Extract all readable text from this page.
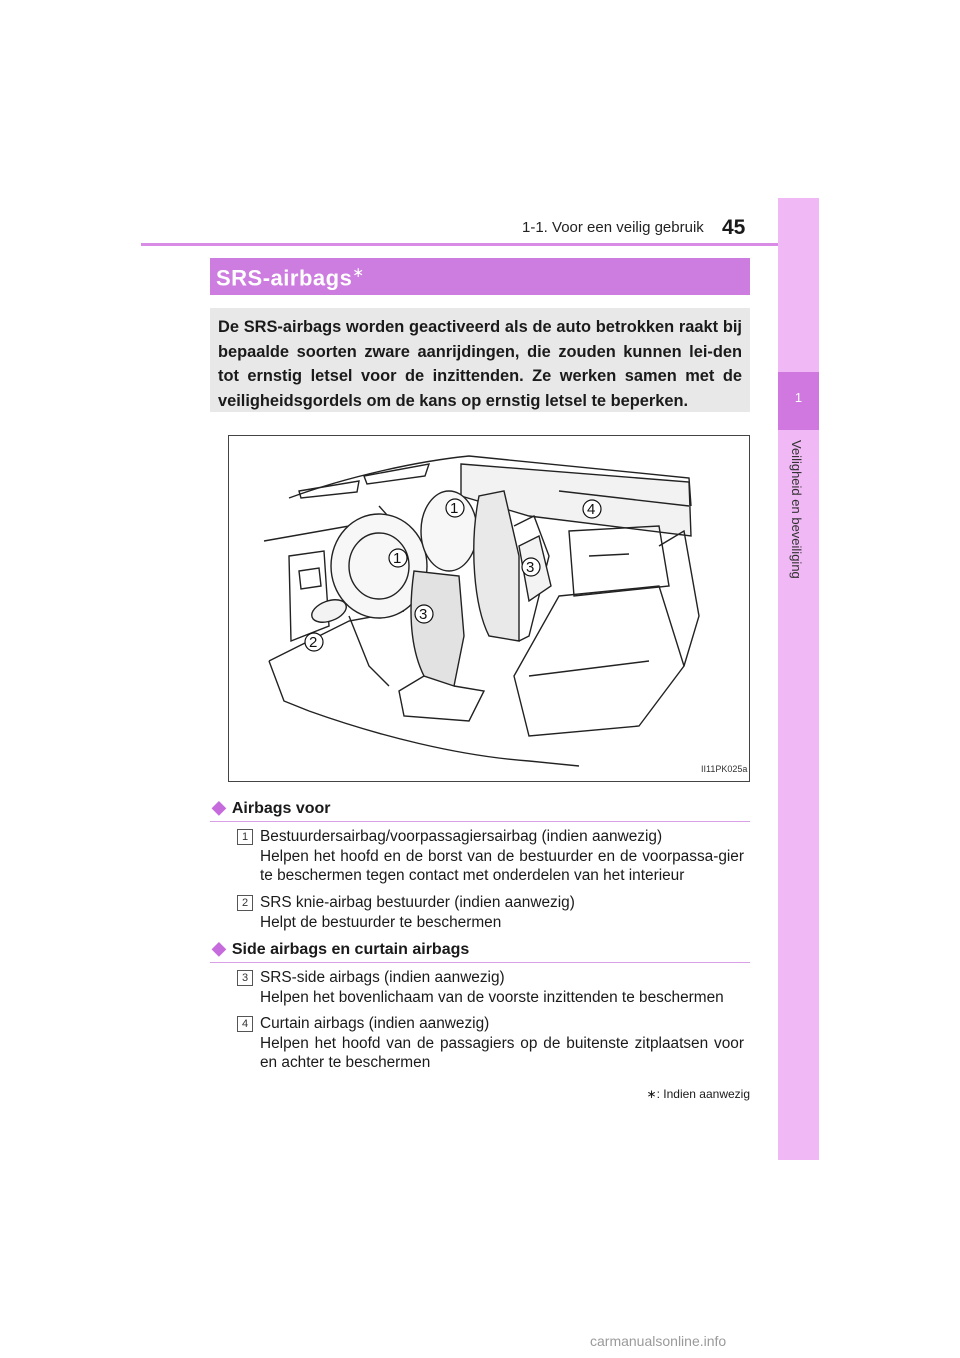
1-1. Voor een veilig gebruik 45
1
Veiligheid en beveiliging
SRS-airbags∗
De SRS-airbags worden geactiveerd als de auto betrokken raakt bij bepaalde soorten zware aanrijdingen, die zouden kunnen lei-den tot ernstig letsel voor de inzittenden. Ze werken samen met de veiligheidsgordels om de kans op ernstig letsel te beperken.
1
1
2
3
3
4
II11PK025a
◆ Airbags voor
1 Bestuurdersairbag/voorpassagiersairbag (indien aanwezig)
Helpen het hoofd en de borst van de bestuurder en de voorpassa-gier te beschermen tegen contact met onderdelen van het interieur
2 SRS knie-airbag bestuurder (indien aanwezig)
Helpt de bestuurder te beschermen
◆ Side airbags en curtain airbags
3 SRS-side airbags (indien aanwezig)
Helpen het bovenlichaam van de voorste inzittenden te beschermen
4 Curtain airbags (indien aanwezig)
Helpen het hoofd van de passagiers op de buitenste zitplaatsen voor en achter te beschermen
∗: Indien aanwezig
carmanualsonline.info
